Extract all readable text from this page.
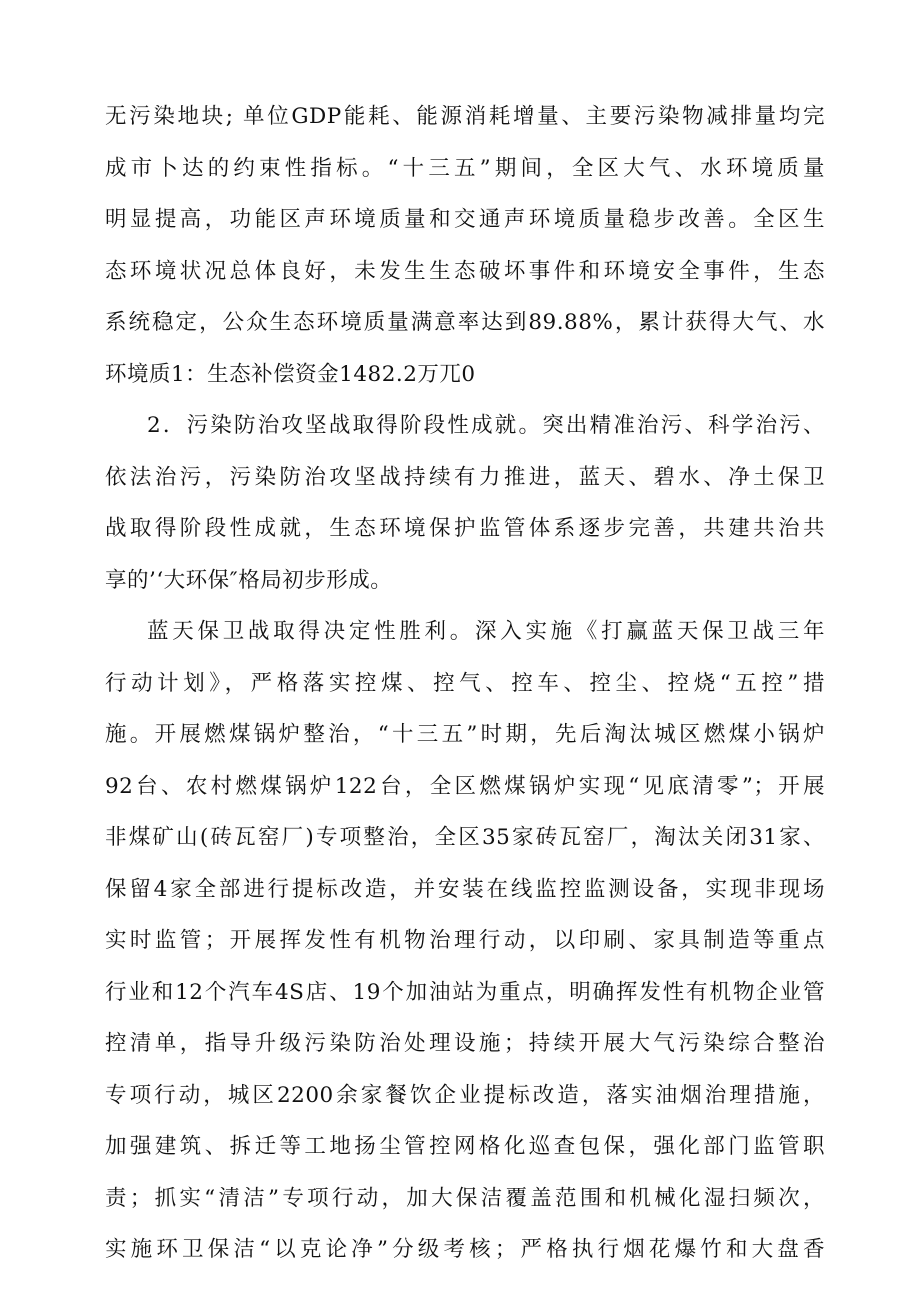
无污染地块; 单位GDP能耗、能源消耗增量、主要污染物减排量均完
成市卜达的约束性指标。“十三五”期间，全区大气、水环境质量
明显提高，功能区声环境质量和交通声环境质量稳步改善。全区生
态环境状况总体良好，未发生生态破坏事件和环境安全事件，生态
系统稳定，公众生态环境质量满意率达到89.88%，累计获得大气、水
环境质1：生态补偿资金1482.2万兀0
2．污染防治攻坚战取得阶段性成就。突出精准治污、科学治污、
依法治污，污染防治攻坚战持续有力推进，蓝天、碧水、净土保卫
战取得阶段性成就，生态环境保护监管体系逐步完善，共建共治共
享的’‘大环保″格局初步形成。
蓝天保卫战取得决定性胜利。深入实施《打赢蓝天保卫战三年
行动计划》，严格落实控煤、控气、控车、控尘、控烧“五控”措
施。开展燃煤锅炉整治，“十三五”时期，先后淘汰城区燃煤小锅炉
92台、农村燃煤锅炉122台，全区燃煤锅炉实现“见底清零”；开展
非煤矿山(砖瓦窑厂)专项整治，全区35家砖瓦窑厂，淘汰关闭31家、
保留4家全部进行提标改造，并安装在线监控监测设备，实现非现场
实时监管；开展挥发性有机物治理行动，以印刷、家具制造等重点
行业和12个汽车4S店、19个加油站为重点，明确挥发性有机物企业管
控清单，指导升级污染防治处理设施；持续开展大气污染综合整治
专项行动，城区2200余家餐饮企业提标改造，落实油烟治理措施，
加强建筑、拆迁等工地扬尘管控网格化巡查包保，强化部门监管职
责；抓实“清洁”专项行动，加大保洁覆盖范围和机械化湿扫频次，
实施环卫保洁“以克论净”分级考核；严格执行烟花爆竹和大盘香
